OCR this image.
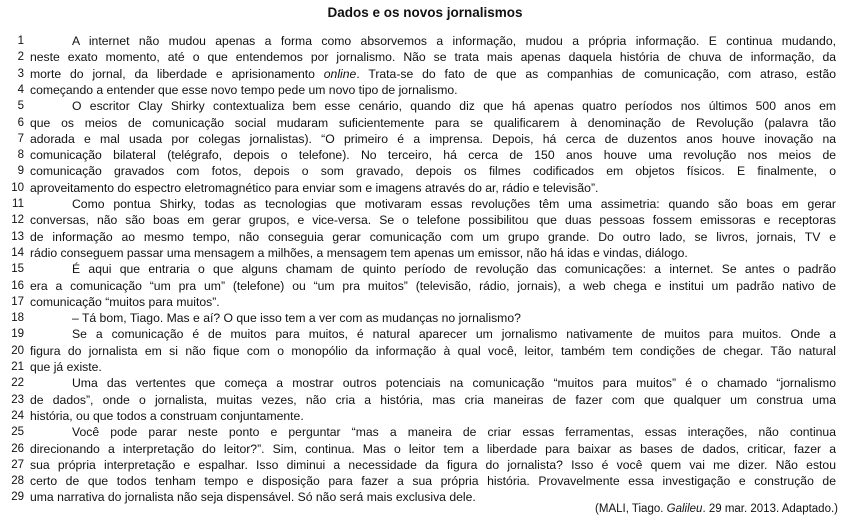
Dados e os novos jornalismos
1	A internet não mudou apenas a forma como absorvemos a informação, mudou a própria informação. E continua mudando,
2 neste exato momento, até o que entendemos por jornalismo. Não se trata mais apenas daquela história de chuva de informação, da
3 morte do jornal, da liberdade e aprisionamento online. Trata-se do fato de que as companhias de comunicação, com atraso, estão
4 começando a entender que esse novo tempo pede um novo tipo de jornalismo.
5	O escritor Clay Shirky contextualiza bem esse cenário, quando diz que há apenas quatro períodos nos últimos 500 anos em
6 que os meios de comunicação social mudaram suficientemente para se qualificarem à denominação de Revolução (palavra tão
7 adorada e mal usada por colegas jornalistas). “O primeiro é a imprensa. Depois, há cerca de duzentos anos houve inovação na
8 comunicação bilateral (telégrafo, depois o telefone). No terceiro, há cerca de 150 anos houve uma revolução nos meios de
9 comunicação gravados com fotos, depois o som gravado, depois os filmes codificados em objetos físicos. E finalmente, o
10 aproveitamento do espectro eletromagnético para enviar som e imagens através do ar, rádio e televisão”.
11	Como pontua Shirky, todas as tecnologias que motivaram essas revoluções têm uma assimetria: quando são boas em gerar
12 conversas, não são boas em gerar grupos, e vice-versa. Se o telefone possibilitou que duas pessoas fossem emissoras e receptoras
13 de informação ao mesmo tempo, não conseguia gerar comunicação com um grupo grande. Do outro lado, se livros, jornais, TV e
14 rádio conseguem passar uma mensagem a milhões, a mensagem tem apenas um emissor, não há idas e vindas, diálogo.
15	É aqui que entraria o que alguns chamam de quinto período de revolução das comunicações: a internet. Se antes o padrão
16 era a comunicação “um pra um” (telefone) ou “um pra muitos” (televisão, rádio, jornais), a web chega e institui um padrão nativo de
17 comunicação “muitos para muitos”.
18	– Tá bom, Tiago. Mas e aí? O que isso tem a ver com as mudanças no jornalismo?
19	Se a comunicação é de muitos para muitos, é natural aparecer um jornalismo nativamente de muitos para muitos. Onde a
20 figura do jornalista em si não fique com o monopólio da informação à qual você, leitor, também tem condições de chegar. Tão natural
21 que já existe.
22	Uma das vertentes que começa a mostrar outros potenciais na comunicação “muitos para muitos” é o chamado “jornalismo
23 de dados”, onde o jornalista, muitas vezes, não cria a história, mas cria maneiras de fazer com que qualquer um construa uma
24 história, ou que todos a construam conjuntamente.
25	Você pode parar neste ponto e perguntar “mas a maneira de criar essas ferramentas, essas interações, não continua
26 direcionando a interpretação do leitor?”. Sim, continua. Mas o leitor tem a liberdade para baixar as bases de dados, criticar, fazer a
27 sua própria interpretação e espalhar. Isso diminui a necessidade da figura do jornalista? Isso é você quem vai me dizer. Não estou
28 certo de que todos tenham tempo e disposição para fazer a sua própria história. Provavelmente essa investigação e construção de
29 uma narrativa do jornalista não seja dispensável. Só não será mais exclusiva dele.
(MALI, Tiago. Galileu. 29 mar. 2013. Adaptado.)
